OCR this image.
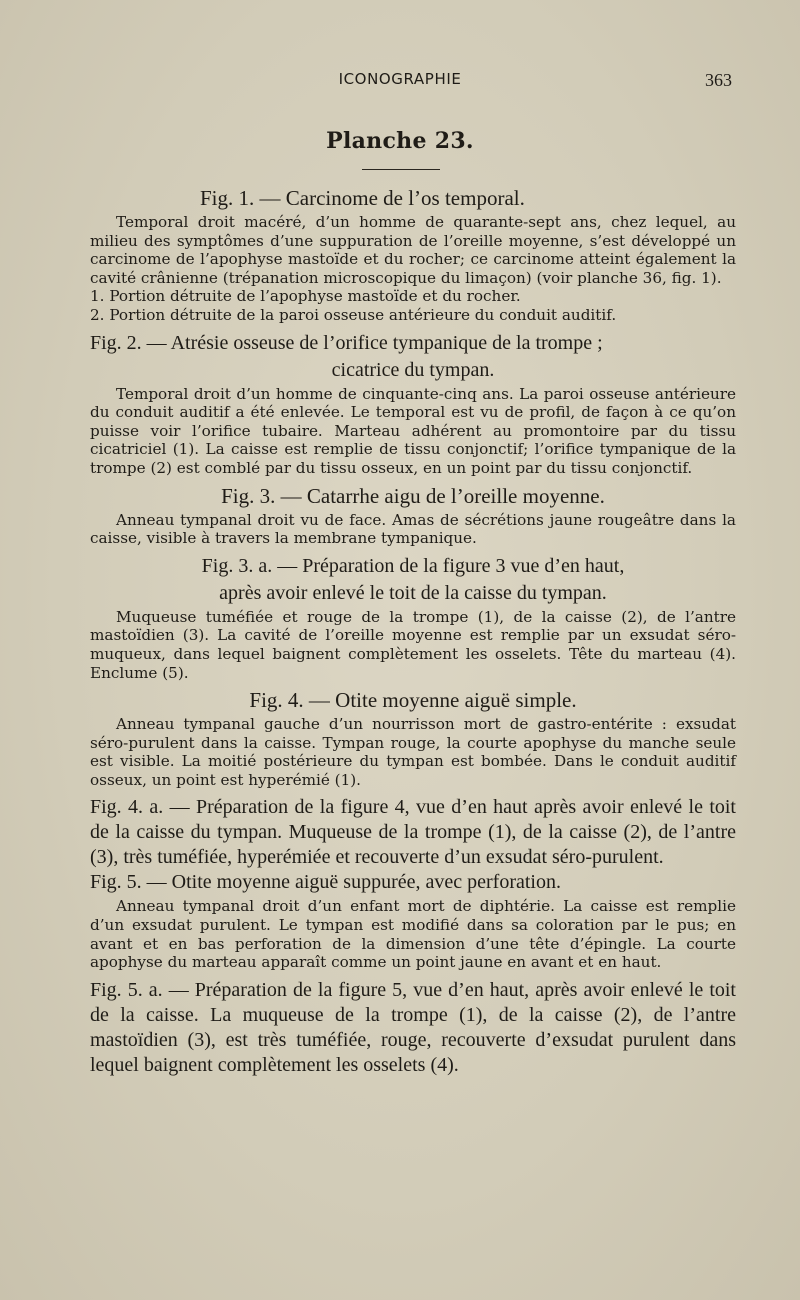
ICONOGRAPHIE	363
Planche 23.
Fig. 1. — Carcinome de l’os temporal.

Temporal droit macéré, d’un homme de quarante-sept ans, chez lequel, au milieu des symptômes d’une suppuration de l’oreille moyenne, s’est développé un carcinome de l’apophyse mastoïde et du rocher; ce carcinome atteint également la cavité crânienne (trépanation microscopique du limaçon) (voir planche 36, fig. 1).

1. Portion détruite de l’apophyse mastoïde et du rocher.

2. Portion détruite de la paroi osseuse antérieure du conduit auditif.

Fig. 2. — Atrésie osseuse de l’orifice tympanique de la trompe ;
cicatrice du tympan.

Temporal droit d’un homme de cinquante-cinq ans. La paroi osseuse antérieure du conduit auditif a été enlevée. Le temporal est vu de profil, de façon à ce qu’on puisse voir l’orifice tubaire. Marteau adhérent au promontoire par du tissu cicatriciel (1). La caisse est remplie de tissu conjonctif; l’orifice tympanique de la trompe (2) est comblé par du tissu osseux, en un point par du tissu conjonctif.

Fig. 3. — Catarrhe aigu de l’oreille moyenne.

Anneau tympanal droit vu de face. Amas de sécrétions jaune rougeâtre dans la caisse, visible à travers la membrane tympanique.

Fig. 3. a. — Préparation de la figure 3 vue d’en haut,
après avoir enlevé le toit de la caisse du tympan.

Muqueuse tuméfiée et rouge de la trompe (1), de la caisse (2), de l’antre mastoïdien (3). La cavité de l’oreille moyenne est remplie par un exsudat séro-muqueux, dans lequel baignent complètement les osselets. Tête du marteau (4). Enclume (5).

Fig. 4. — Otite moyenne aiguë simple.

Anneau tympanal gauche d’un nourrisson mort de gastro-entérite : exsudat séro-purulent dans la caisse. Tympan rouge, la courte apophyse du manche seule est visible. La moitié postérieure du tympan est bombée. Dans le conduit auditif osseux, un point est hyperémié (1).

Fig. 4. a. — Préparation de la figure 4, vue d’en haut après avoir enlevé le toit de la caisse du tympan. Muqueuse de la trompe (1), de la caisse (2), de l’antre (3), très tuméfiée, hyperémiée et recouverte d’un exsudat séro-purulent.

Fig. 5. — Otite moyenne aiguë suppurée, avec perforation.

Anneau tympanal droit d’un enfant mort de diphtérie. La caisse est remplie d’un exsudat purulent. Le tympan est modifié dans sa coloration par le pus; en avant et en bas perforation de la dimension d’une tête d’épingle. La courte apophyse du marteau apparaît comme un point jaune en avant et en haut.

Fig. 5. a. — Préparation de la figure 5, vue d’en haut, après avoir enlevé le toit de la caisse. La muqueuse de la trompe (1), de la caisse (2), de l’antre mastoïdien (3), est très tuméfiée, rouge, recouverte d’exsudat purulent dans lequel baignent complètement les osselets (4).
